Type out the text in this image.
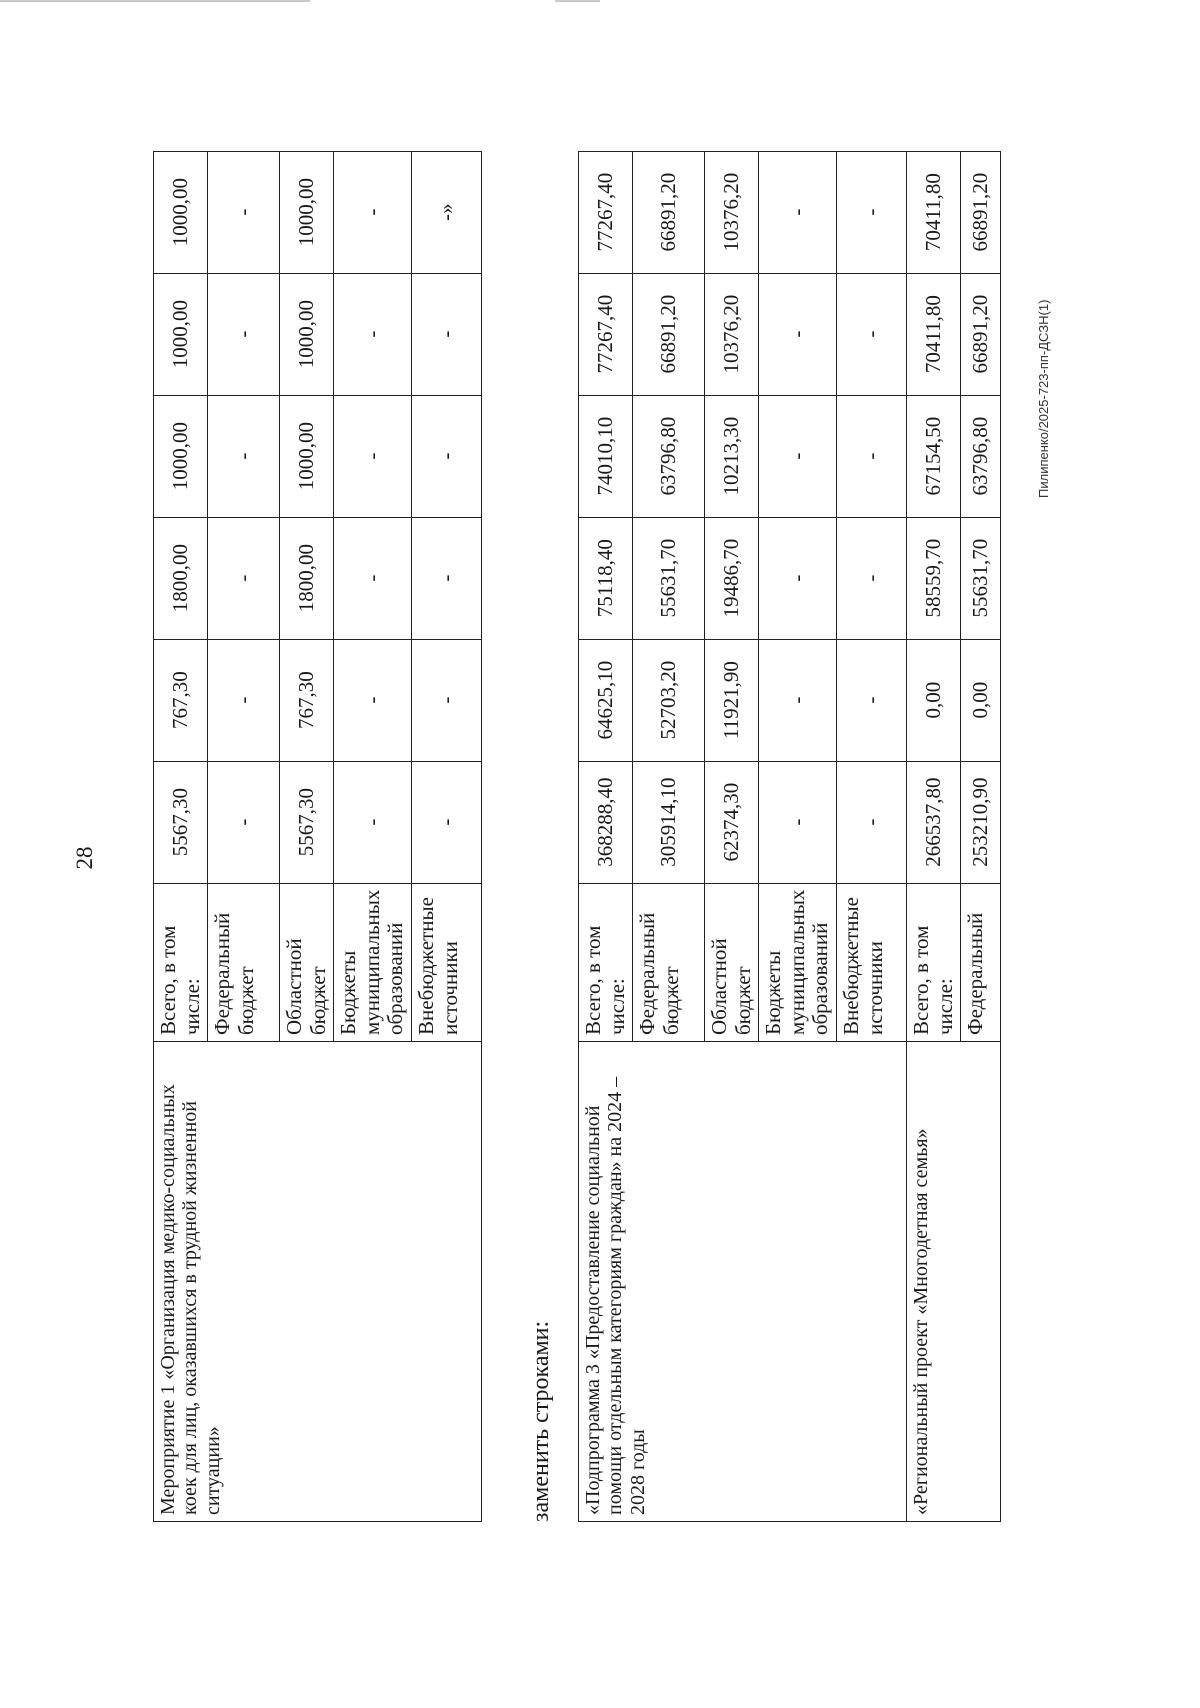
28
Мероприятие 1 «Организация медико-социальных коек для лиц, оказавшихся в трудной жизненной ситуации»	Всего, в том числе:	5567,30	767,30	1800,00	1000,00	1000,00	1000,00
	Федеральный бюджет	-	-	-	-	-	-
	Областной бюджет	5567,30	767,30	1800,00	1000,00	1000,00	1000,00
	Бюджеты муниципальных образований	-	-	-	-	-	-
	Внебюджетные источники	-	-	-	-	-	-»
заменить строками: «Подпрограмма 3 «Предоставление социальной помощи отдельным категориям граждан» на 2024 – 2028 годы	Всего, в том числе:	368288,40	64625,10	75118,40	74010,10	77267,40	77267,40
	Федеральный бюджет	305914,10	52703,20	55631,70	63796,80	66891,20	66891,20
	Областной бюджет	62374,30	11921,90	19486,70	10213,30	10376,20	10376,20
	Бюджеты муниципальных образований	-	-	-	-	-	-
	Внебюджетные источники	-	-	-	-	-	-
«Региональный проект «Многодетная семья»	Всего, в том числе:	266537,80	0,00	58559,70	67154,50	70411,80	70411,80
	Федеральный	253210,90	0,00	55631,70	63796,80	66891,20	66891,20
Пилипенко/2025-723-пп-ДСЗН(1)
